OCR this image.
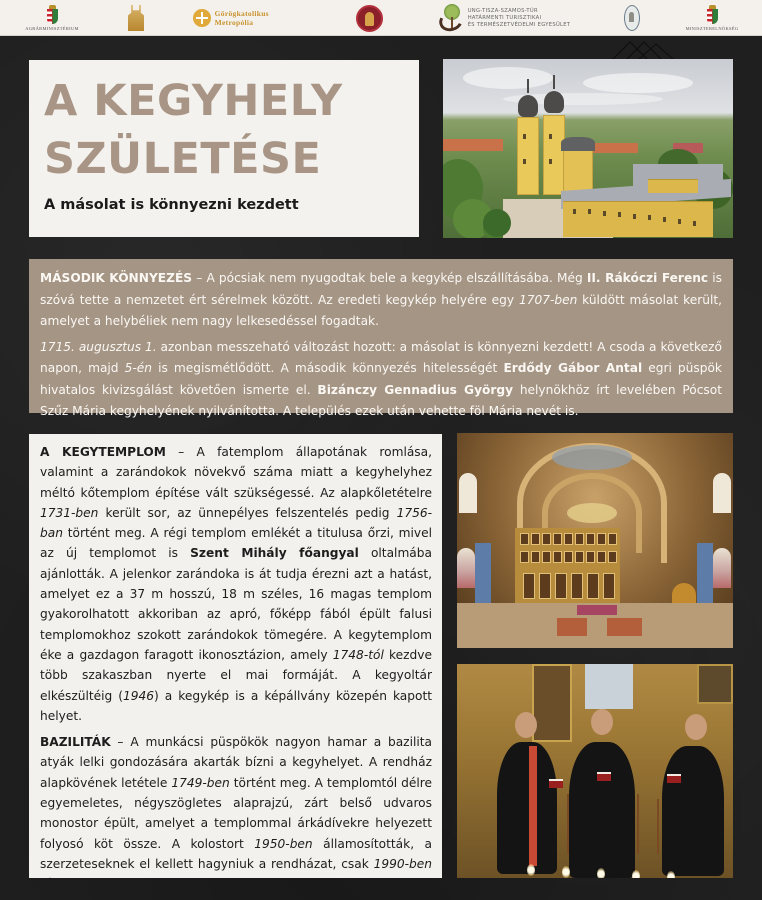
AGRÁRMINISZTÉRIUM
Görögkatolikus Metropólia
UNG-TISZA-SZAMOS-TÚR
HATÁRMENTI TURISZTIKAI
ÉS TERMÉSZETVÉDELMI EGYESÜLET
MINISZTERELNÖKSÉG
A KEGYHELY
SZÜLETÉSE
A másolat is könnyezni kezdett

MÁSODIK KÖNNYEZÉS – A pócsiak nem nyugodtak bele a kegykép elszállításába. Még II. Rákóczi Ferenc is szóvá tette a nemzetet ért sérelmek között. Az eredeti kegykép helyére egy 1707-ben küldött másolat került, amelyet a helybéliek nem nagy lelkesedéssel fogadtak.

1715. augusztus 1. azonban messzeható változást hozott: a másolat is könnyezni kezdett! A csoda a következő napon, majd 5-én is megismétlődött. A második könnyezés hitelességét Erdődy Gábor Antal egri püspök hivatalos kivizsgálást követően ismerte el. Bizánczy Gennadius György helynökhöz írt levelében Pócsot Szűz Mária kegyhelyének nyilvánította. A település ezek után vehette föl Mária nevét is.

A KEGYTEMPLOM – A fatemplom állapotának romlása, valamint a zarándokok növekvő száma miatt a kegyhelyhez méltó kőtemplom építése vált szükségessé. Az alapkőletételre 1731-ben került sor, az ünnepélyes felszentelés pedig 1756-ban történt meg. A régi templom emlékét a titulusa őrzi, mivel az új templomot is Szent Mihály főangyal oltalmába ajánlották. A jelenkor zarándoka is át tudja érezni azt a hatást, amelyet ez a 37 m hosszú, 18 m széles, 16 magas templom gyakorolhatott akkoriban az apró, főképp fából épült falusi templomokhoz szokott zarándokok tömegére. A kegytemplom éke a gazdagon faragott ikonosztázion, amely 1748-tól kezdve több szakaszban nyerte el mai formáját. A kegyoltár elkészültéig (1946) a kegykép is a képállvány közepén kapott helyet.

BAZILITÁK – A munkácsi püspökök nagyon hamar a bazilita atyák lelki gondozására akarták bízni a kegyhelyet. A rendház alapkövének letétele 1749-ben történt meg. A templomtól délre egyemeletes, négyszögletes alaprajzú, zárt belső udvaros monostor épült, amelyet a templommal árkádívekre helyezett folyosó köt össze. A kolostort 1950-ben államosították, a szerzeteseknek el kellett hagyniuk a rendházat, csak 1990-ben térhettek vissza.
